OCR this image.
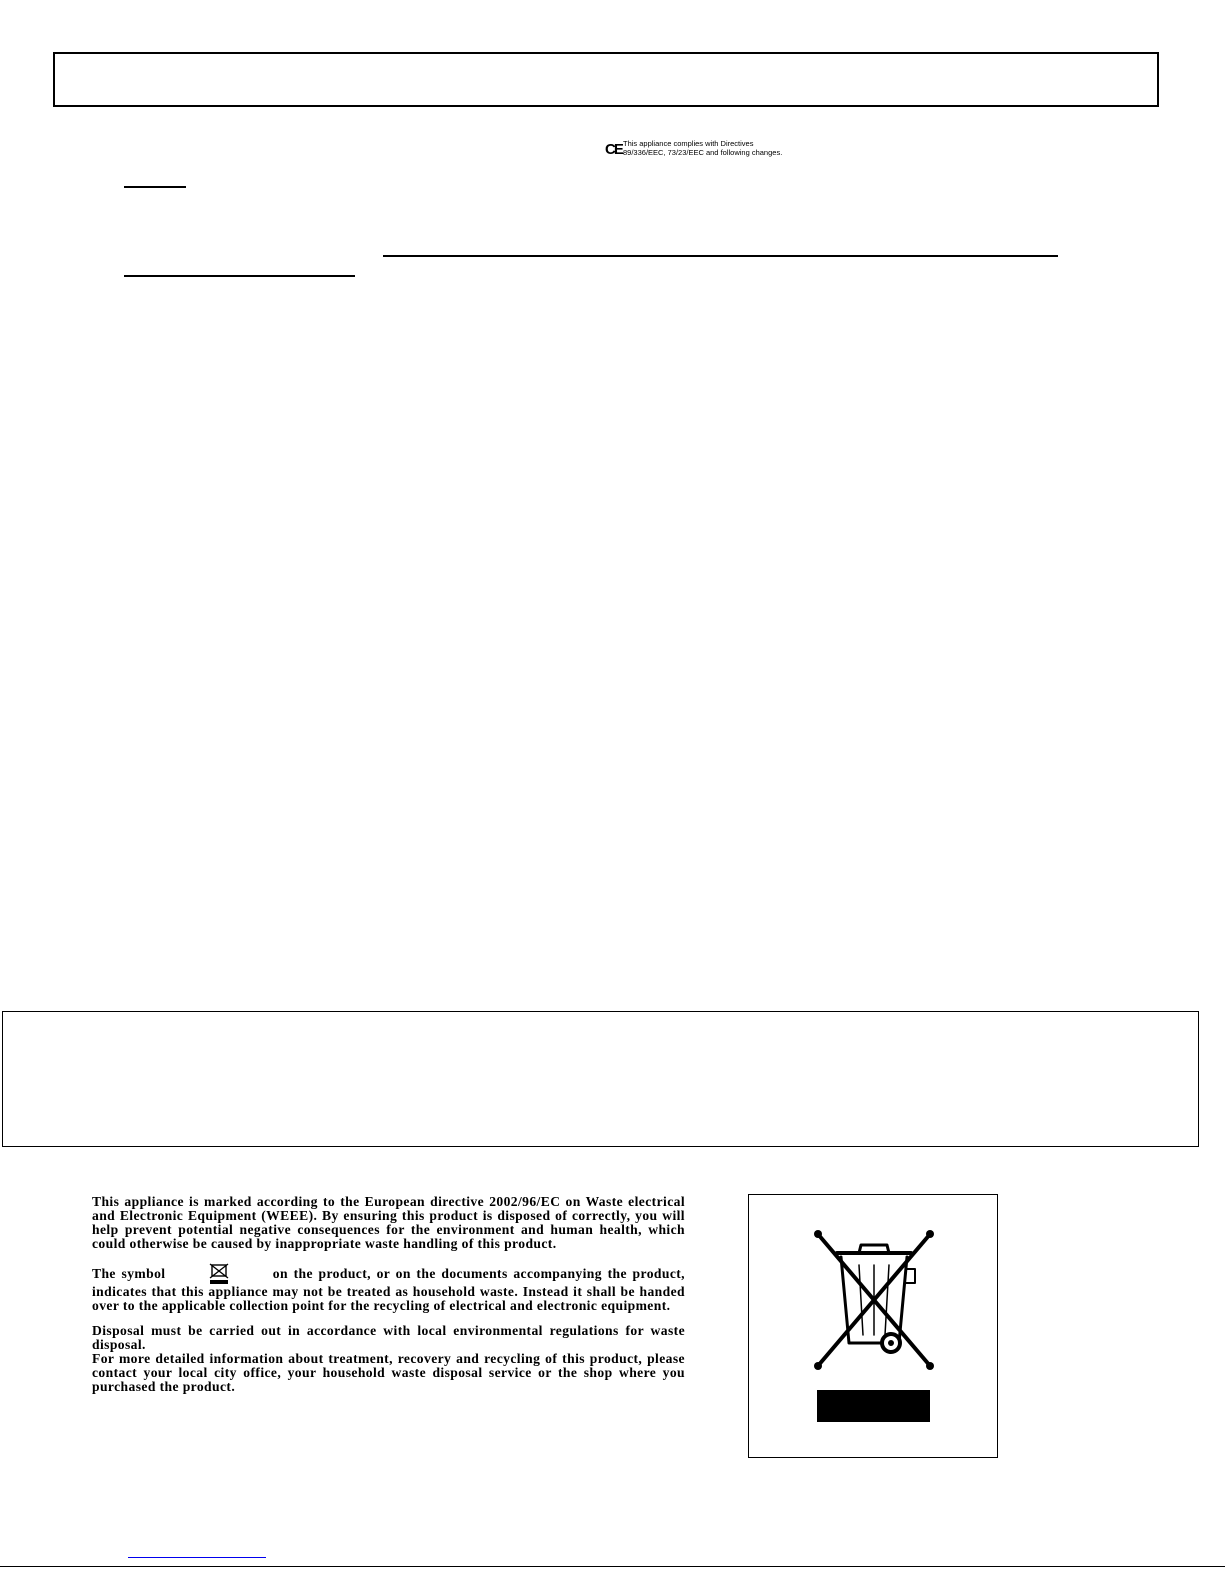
CE This appliance complies with Directives
89/336/EEC, 73/23/EEC and following changes.

This appliance is marked according to the European directive 2002/96/EC on Waste electrical and Electronic Equipment (WEEE). By ensuring this product is disposed of correctly, you will help prevent potential negative consequences for the environment and human health, which could otherwise be caused by inappropriate waste handling of this product.

The symbol	on the product, or on the documents accompanying the product, indicates that this appliance may not be treated as household waste. Instead it shall be handed over to the applicable collection point for the recycling of electrical and electronic equipment.

Disposal must be carried out in accordance with local environmental regulations for waste disposal.

For more detailed information about treatment, recovery and recycling of this product, please contact your local city office, your household waste disposal service or the shop where you purchased the product.
